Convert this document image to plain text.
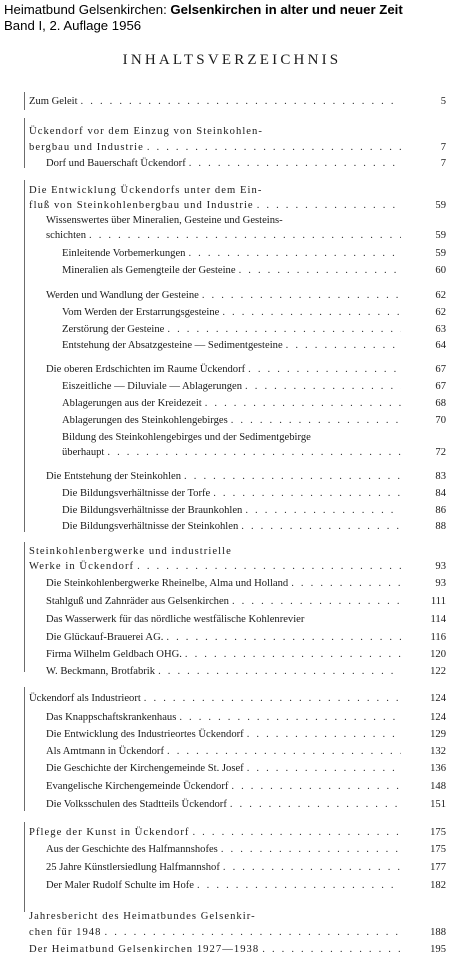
Heimatbund Gelsenkirchen: Gelsenkirchen in alter und neuer Zeit
Band I, 2. Auflage 1956
INHALTSVERZEICHNIS
Zum Geleit . . .	5
Ückendorf vor dem Einzug von Steinkohlen-
bergbau und Industrie . . .	7
Dorf und Bauerschaft Ückendorf . . .	7
Die Entwicklung Ückendorfs unter dem Ein-
fluß von Steinkohlenbergbau und Industrie . . .	59
Wissenswertes über Mineralien, Gesteine und Gesteins-
schichten . . .	59
Einleitende Vorbemerkungen . . .	59
Mineralien als Gemengteile der Gesteine . . .	60
Werden und Wandlung der Gesteine . . .	62
Vom Werden der Erstarrungsgesteine . . .	62
Zerstörung der Gesteine . . .	63
Entstehung der Absatzgesteine — Sedimentgesteine . . .	64
Die oberen Erdschichten im Raume Ückendorf . . .	67
Eiszeitliche — Diluviale — Ablagerungen . . .	67
Ablagerungen aus der Kreidezeit . . .	68
Ablagerungen des Steinkohlengebirges . . .	70
Bildung des Steinkohlengebirges und der Sedimentgebirge
überhaupt . . .	72
Die Entstehung der Steinkohlen . . .	83
Die Bildungsverhältnisse der Torfe . . .	84
Die Bildungsverhältnisse der Braunkohlen . . .	86
Die Bildungsverhältnisse der Steinkohlen . . .	88
Steinkohlenbergwerke und industrielle
Werke in Ückendorf . . .	93
Die Steinkohlenbergwerke Rheinelbe, Alma und Holland . . .	93
Stahlguß und Zahnräder aus Gelsenkirchen . . .	111
Das Wasserwerk für das nördliche westfälische Kohlenrevier	114
Die Glückauf-Brauerei AG. . . .	116
Firma Wilhelm Geldbach OHG. . . .	120
W. Beckmann, Brotfabrik . . .	122
Ückendorf als Industrieort . . .	124
Das Knappschaftskrankenhaus . . .	124
Die Entwicklung des Industrieortes Ückendorf . . .	129
Als Amtmann in Ückendorf . . .	132
Die Geschichte der Kirchengemeinde St. Josef . . .	136
Evangelische Kirchengemeinde Ückendorf . . .	148
Die Volksschulen des Stadtteils Ückendorf . . .	151
Pflege der Kunst in Ückendorf . . .	175
Aus der Geschichte des Halfmannshofes . . .	175
25 Jahre Künstlersiedlung Halfmannshof . . .	177
Der Maler Rudolf Schulte im Hofe . . .	182
Jahresbericht des Heimatbundes Gelsenkir-
chen für 1948 . . .	188
Der Heimatbund Gelsenkirchen 1927—1938 . . .	195
